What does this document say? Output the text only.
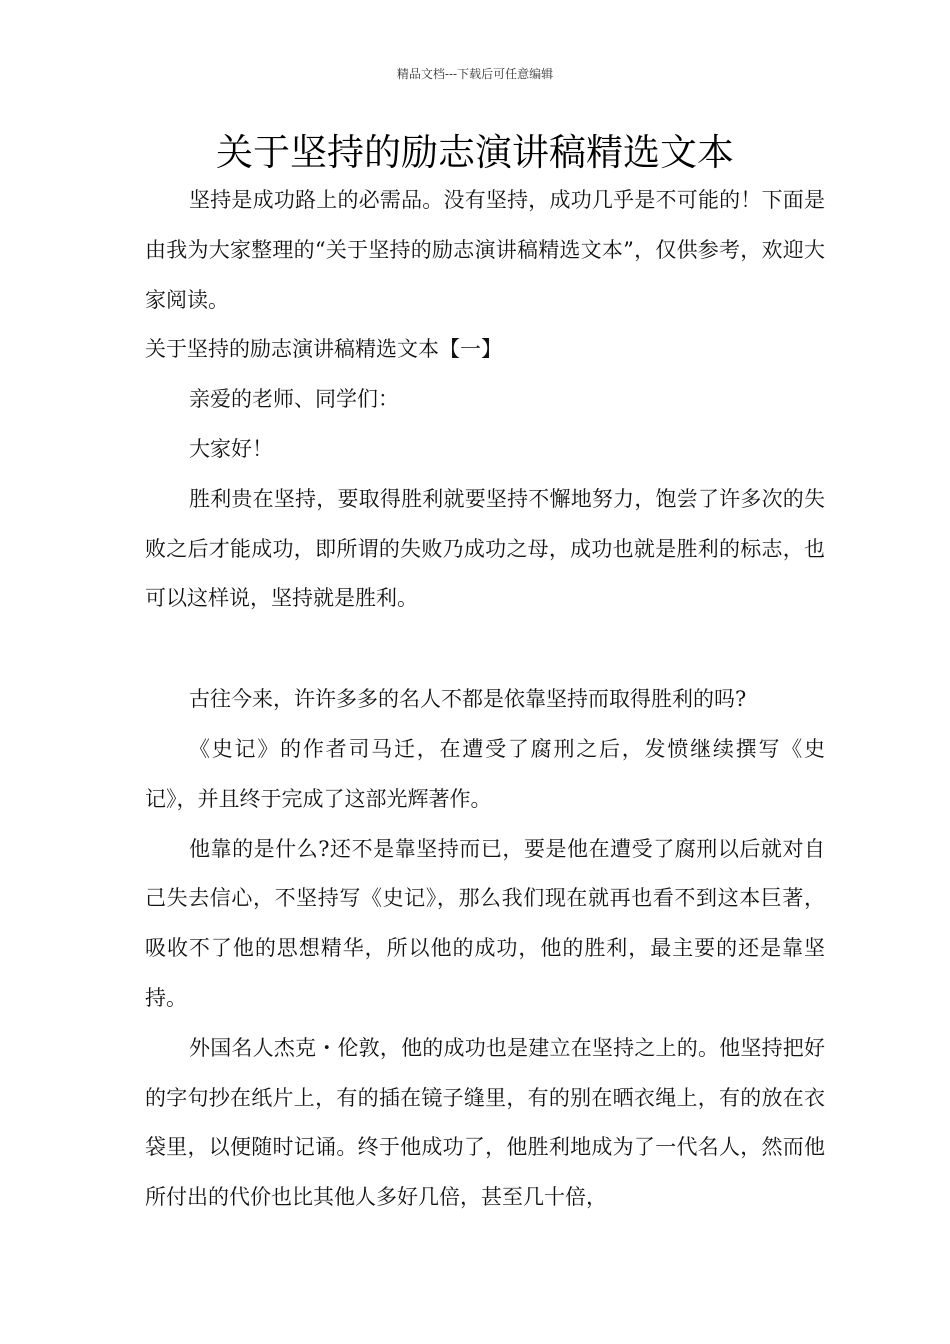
精品文档---下载后可任意编辑
关于坚持的励志演讲稿精选文本

坚持是成功路上的必需品。没有坚持，成功几乎是不可能的！下面是由我为大家整理的“关于坚持的励志演讲稿精选文本”，仅供参考，欢迎大家阅读。

关于坚持的励志演讲稿精选文本【一】

亲爱的老师、同学们：

大家好！

胜利贵在坚持，要取得胜利就要坚持不懈地努力，饱尝了许多次的失败之后才能成功，即所谓的失败乃成功之母，成功也就是胜利的标志，也可以这样说，坚持就是胜利。

古往今来，许许多多的名人不都是依靠坚持而取得胜利的吗?

《史记》的作者司马迁，在遭受了腐刑之后，发愤继续撰写《史记》，并且终于完成了这部光辉著作。

他靠的是什么?还不是靠坚持而已，要是他在遭受了腐刑以后就对自己失去信心，不坚持写《史记》，那么我们现在就再也看不到这本巨著，吸收不了他的思想精华，所以他的成功，他的胜利，最主要的还是靠坚持。

外国名人杰克・伦敦，他的成功也是建立在坚持之上的。他坚持把好的字句抄在纸片上，有的插在镜子缝里，有的别在晒衣绳上，有的放在衣袋里，以便随时记诵。终于他成功了，他胜利地成为了一代名人，然而他所付出的代价也比其他人多好几倍，甚至几十倍，
